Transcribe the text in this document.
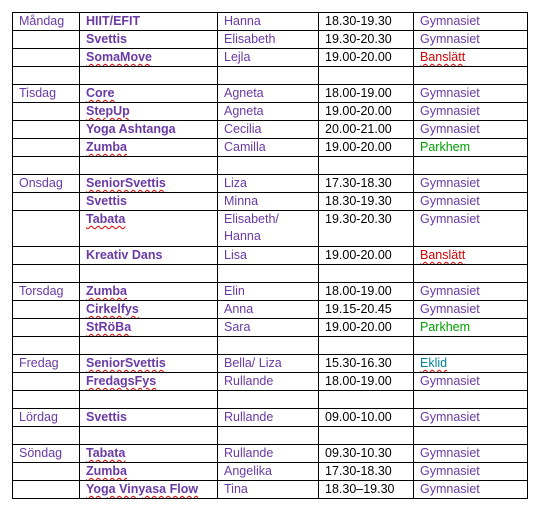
Måndag	HIIT/EFIT	Hanna	18.30-19.30	Gymnasiet
	Svettis	Elisabeth	19.30-20.30	Gymnasiet
	SomaMove	Lejla	19.00-20.00	Banslätt

Tisdag	Core	Agneta	18.00-19.00	Gymnasiet
	StepUp	Agneta	19.00-20.00	Gymnasiet
	Yoga Ashtanga	Cecilia	20.00-21.00	Gymnasiet
	Zumba	Camilla	19.00-20.00	Parkhem

Onsdag	SeniorSvettis	Liza	17.30-18.30	Gymnasiet
	Svettis	Minna	18.30-19.30	Gymnasiet
	Tabata	Elisabeth/ Hanna	19.30-20.30	Gymnasiet
	Kreativ Dans	Lisa	19.00-20.00	Banslätt

Torsdag	Zumba	Elin	18.00-19.00	Gymnasiet
	Cirkelfys	Anna	19.15-20.45	Gymnasiet
	StRöBa	Sara	19.00-20.00	Parkhem

Fredag	SeniorSvettis	Bella/ Liza	15.30-16.30	Eklid
	FredagsFys	Rullande	18.00-19.00	Gymnasiet

Lördag	Svettis	Rullande	09.00-10.00	Gymnasiet

Söndag	Tabata	Rullande	09.30-10.30	Gymnasiet
	Zumba	Angelika	17.30-18.30	Gymnasiet
	Yoga Vinyasa Flow	Tina	18.30–19.30	Gymnasiet
